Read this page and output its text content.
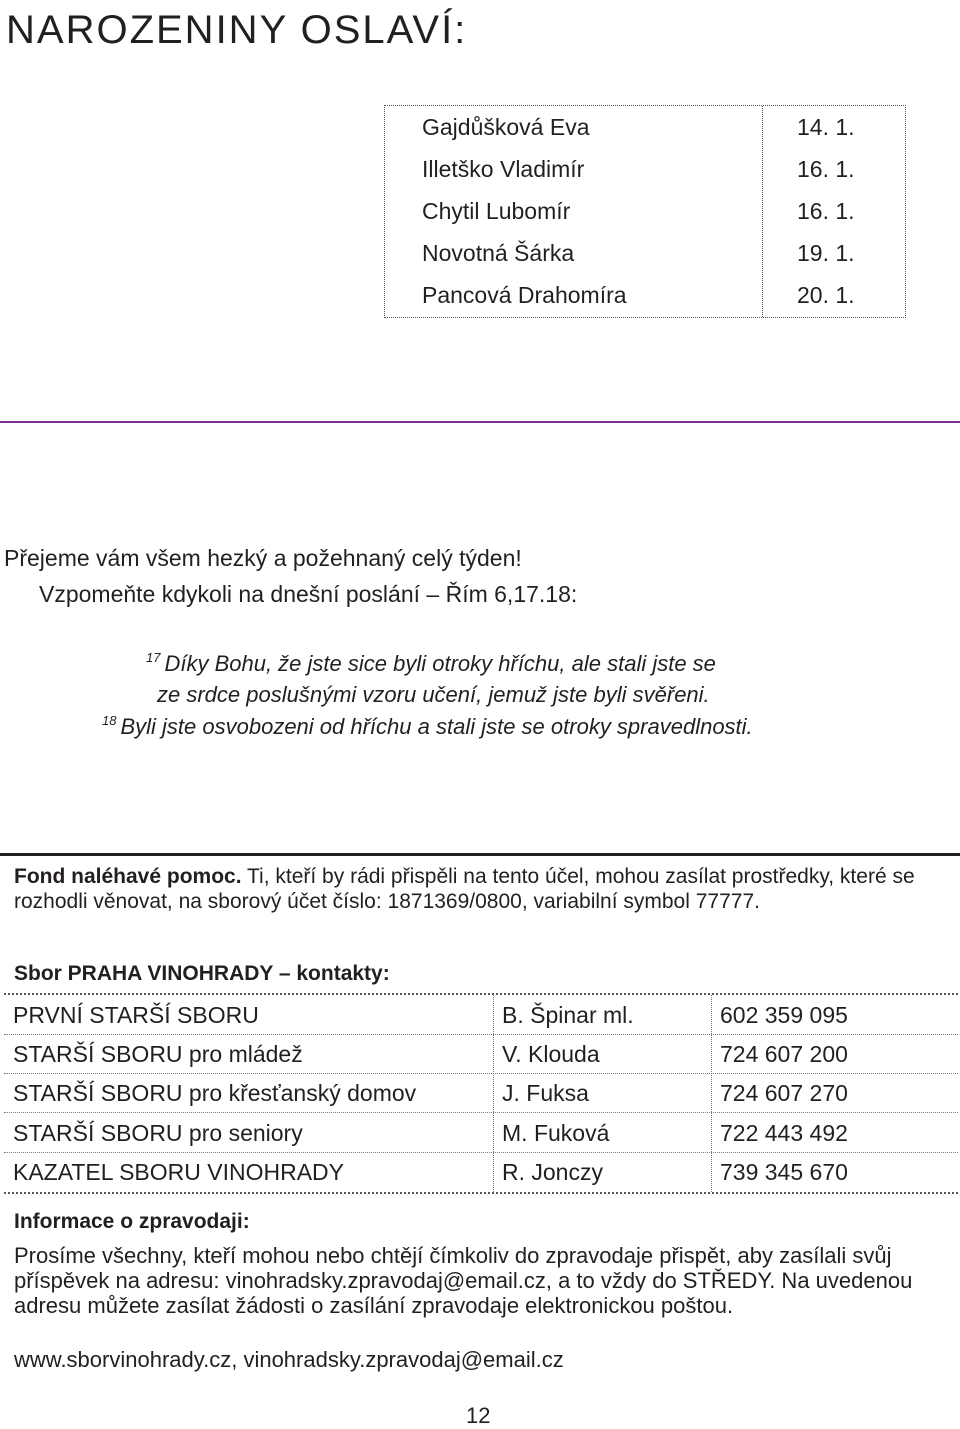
NAROZENINY OSLAVÍ:
Gajdůšková Eva	14. 1.
Illetško Vladimír	16. 1.
Chytil Lubomír	16. 1.
Novotná Šárka	19. 1.
Pancová Drahomíra	20. 1.
Přejeme vám všem hezký a požehnaný celý týden!
Vzpomeňte kdykoli na dnešní poslání – Řím 6,17.18:
$^{17}$ Díky Bohu, že jste sice byli otroky hříchu, ale stali jste se
ze srdce poslušnými vzoru učení, jemuž jste byli svěřeni.
$^{18}$ Byli jste osvobozeni od hříchu a stali jste se otroky spravedlnosti.
Fond naléhavé pomoc. Ti, kteří by rádi přispěli na tento účel, mohou zasílat prostředky, které se rozhodli věnovat, na sborový účet číslo: 1871369/0800, variabilní symbol 77777.
Sbor PRAHA VINOHRADY – kontakty:
PRVNÍ STARŠÍ SBORU	B. Špinar ml.	602 359 095
STARŠÍ SBORU pro mládež	V. Klouda	724 607 200
STARŠÍ SBORU pro křesťanský domov	J. Fuksa	724 607 270
STARŠÍ SBORU pro seniory	M. Fuková	722 443 492
KAZATEL SBORU VINOHRADY	R. Jonczy	739 345 670
Informace o zpravodaji:
Prosíme všechny, kteří mohou nebo chtějí čímkoliv do zpravodaje přispět, aby zasílali svůj příspěvek na adresu: vinohradsky.zpravodaj@email.cz, a to vždy do STŘEDY. Na uvedenou adresu můžete zasílat žádosti o zasílání zpravodaje elektronickou poštou.
www.sborvinohrady.cz, vinohradsky.zpravodaj@email.cz
12
